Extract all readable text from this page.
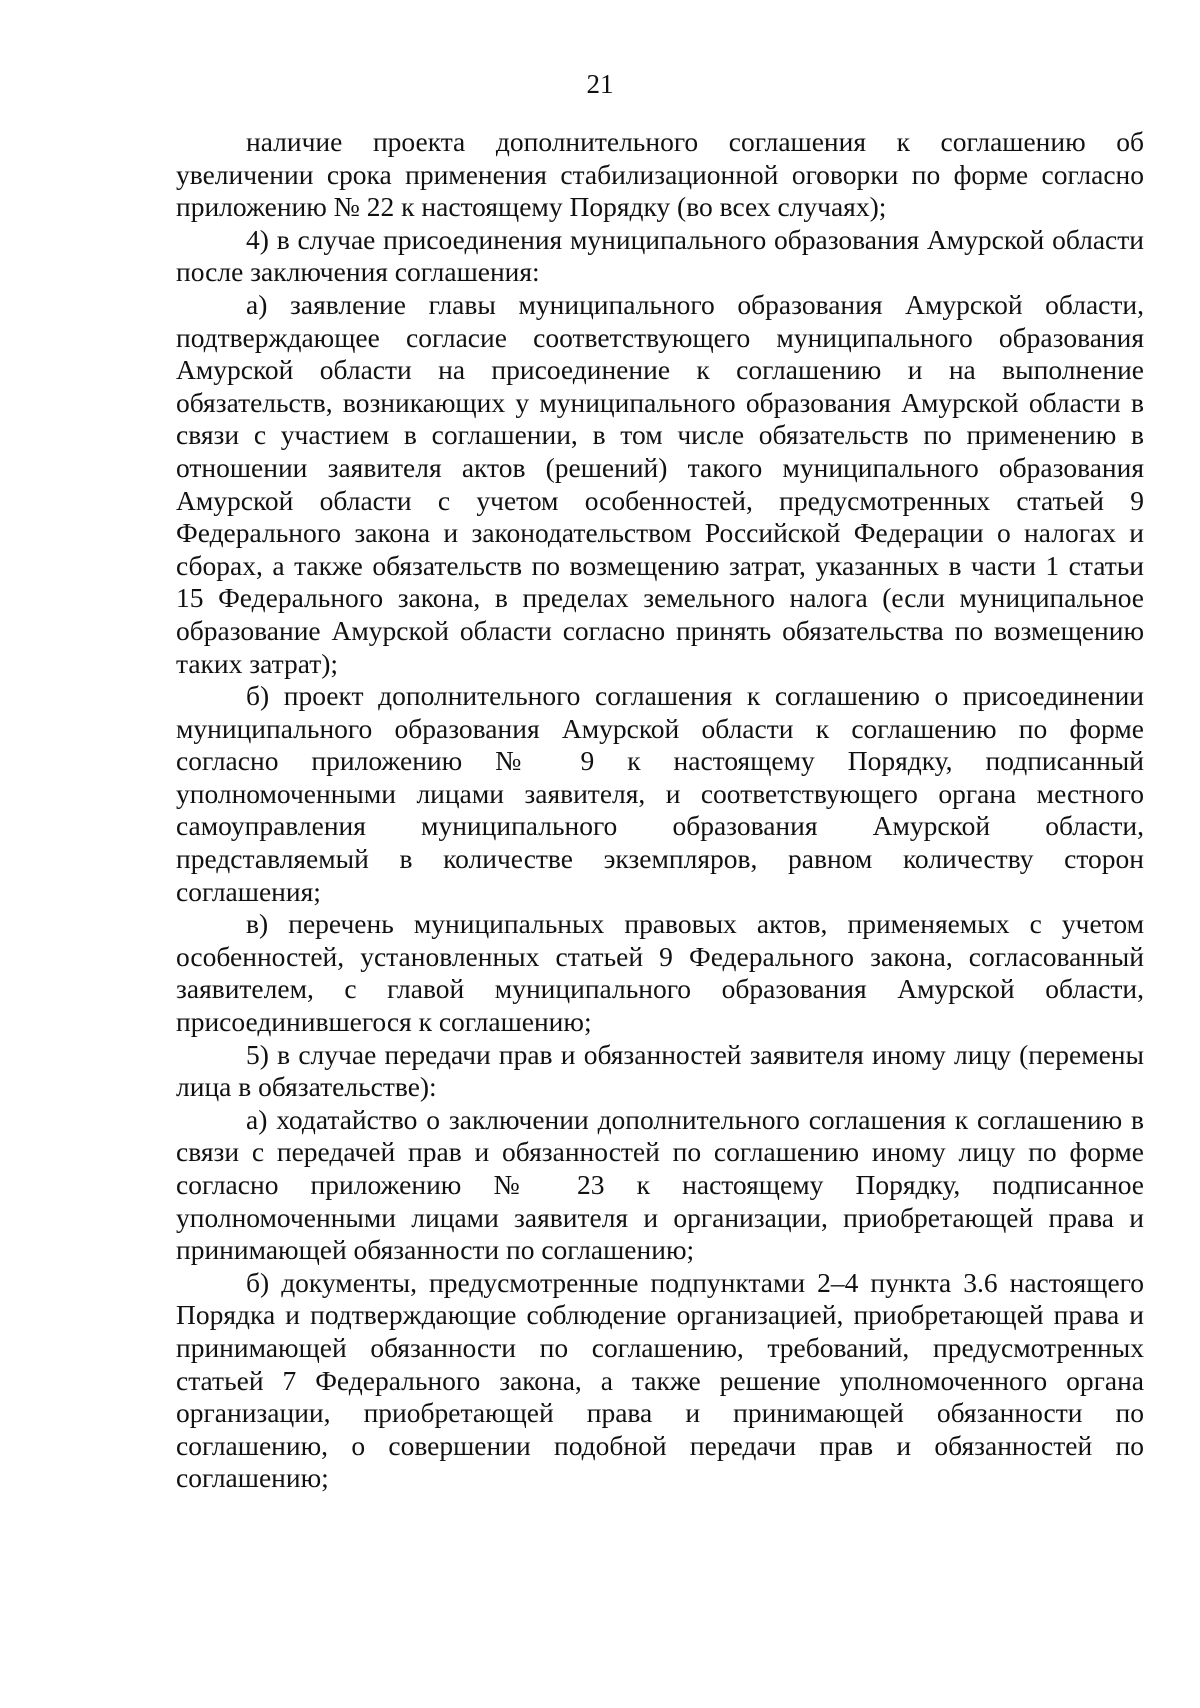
21

наличие проекта дополнительного соглашения к соглашению об увеличении срока применения стабилизационной оговорки по форме согласно приложению № 22 к настоящему Порядку (во всех случаях);

4) в случае присоединения муниципального образования Амурской области после заключения соглашения:

а) заявление главы муниципального образования Амурской области, подтверждающее согласие соответствующего муниципального образования Амурской области на присоединение к соглашению и на выполнение обязательств, возникающих у муниципального образования Амурской области в связи с участием в соглашении, в том числе обязательств по применению в отношении заявителя актов (решений) такого муниципального образования Амурской области с учетом особенностей, предусмотренных статьей 9 Федерального закона и законодательством Российской Федерации о налогах и сборах, а также обязательств по возмещению затрат, указанных в части 1 статьи 15 Федерального закона, в пределах земельного налога (если муниципальное образование Амурской области согласно принять обязательства по возмещению таких затрат);

б) проект дополнительного соглашения к соглашению о присоединении муниципального образования Амурской области к соглашению по форме согласно приложению № 9 к настоящему Порядку, подписанный уполномоченными лицами заявителя, и соответствующего органа местного самоуправления муниципального образования Амурской области, представляемый в количестве экземпляров, равном количеству сторон соглашения;

в) перечень муниципальных правовых актов, применяемых с учетом особенностей, установленных статьей 9 Федерального закона, согласованный заявителем, с главой муниципального образования Амурской области, присоединившегося к соглашению;

5) в случае передачи прав и обязанностей заявителя иному лицу (перемены лица в обязательстве):

а) ходатайство о заключении дополнительного соглашения к соглашению в связи с передачей прав и обязанностей по соглашению иному лицу по форме согласно приложению № 23 к настоящему Порядку, подписанное уполномоченными лицами заявителя и организации, приобретающей права и принимающей обязанности по соглашению;

б) документы, предусмотренные подпунктами 2–4 пункта 3.6 настоящего Порядка и подтверждающие соблюдение организацией, приобретающей права и принимающей обязанности по соглашению, требований, предусмотренных статьей 7 Федерального закона, а также решение уполномоченного органа организации, приобретающей права и принимающей обязанности по соглашению, о совершении подобной передачи прав и обязанностей по соглашению;
